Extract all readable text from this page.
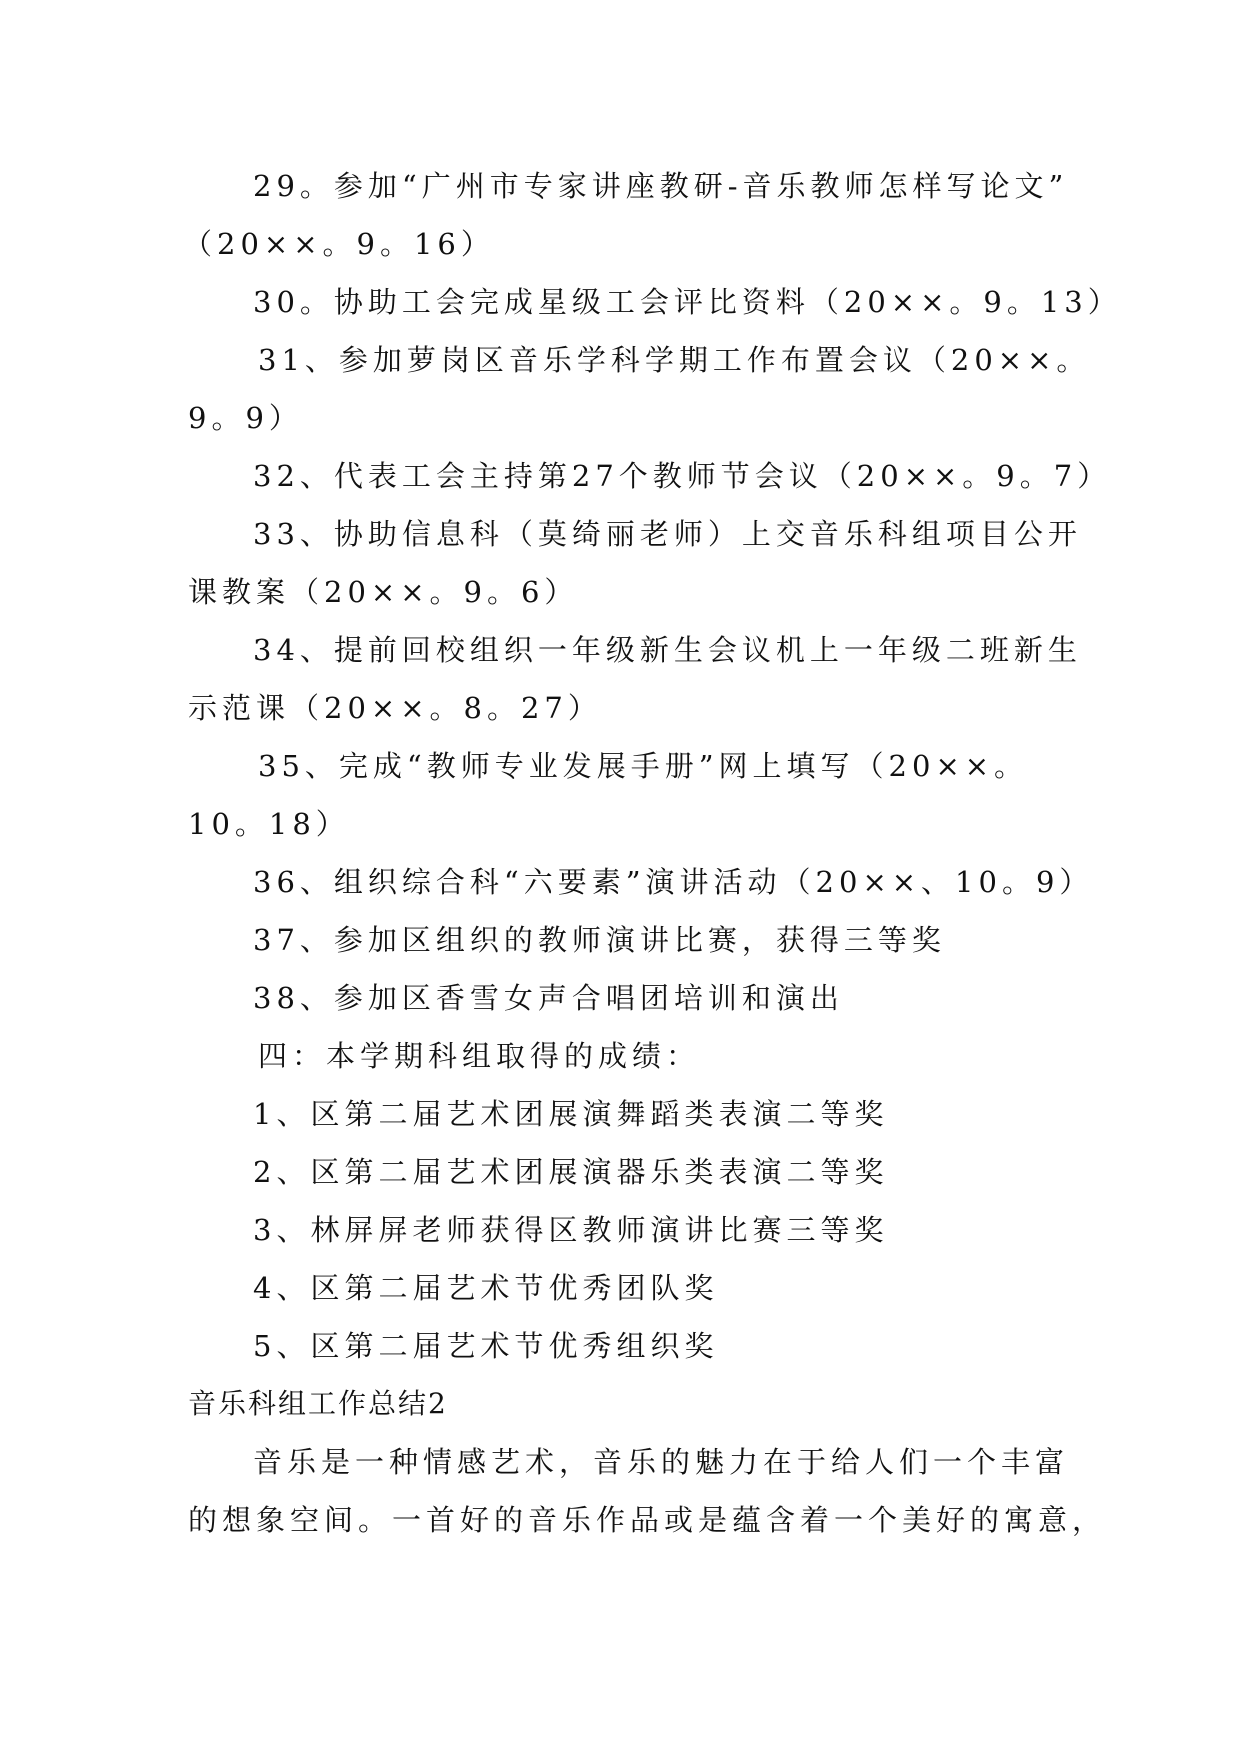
29。参加“广州市专家讲座教研-音乐教师怎样写论文”
（20××。9。16）
30。协助工会完成星级工会评比资料（20××。9。13）
31、参加萝岗区音乐学科学期工作布置会议（20××。
9。9）
32、代表工会主持第27个教师节会议（20××。9。7）
33、协助信息科（莫绮丽老师）上交音乐科组项目公开
课教案（20××。9。6）
34、提前回校组织一年级新生会议机上一年级二班新生
示范课（20××。8。27）
35、完成“教师专业发展手册”网上填写（20××。
10。18）
36、组织综合科“六要素”演讲活动（20××、10。9）
37、参加区组织的教师演讲比赛，获得三等奖
38、参加区香雪女声合唱团培训和演出
四：本学期科组取得的成绩：
1、区第二届艺术团展演舞蹈类表演二等奖
2、区第二届艺术团展演器乐类表演二等奖
3、林屏屏老师获得区教师演讲比赛三等奖
4、区第二届艺术节优秀团队奖
5、区第二届艺术节优秀组织奖
音乐科组工作总结2
音乐是一种情感艺术，音乐的魅力在于给人们一个丰富
的想象空间。一首好的音乐作品或是蕴含着一个美好的寓意，
